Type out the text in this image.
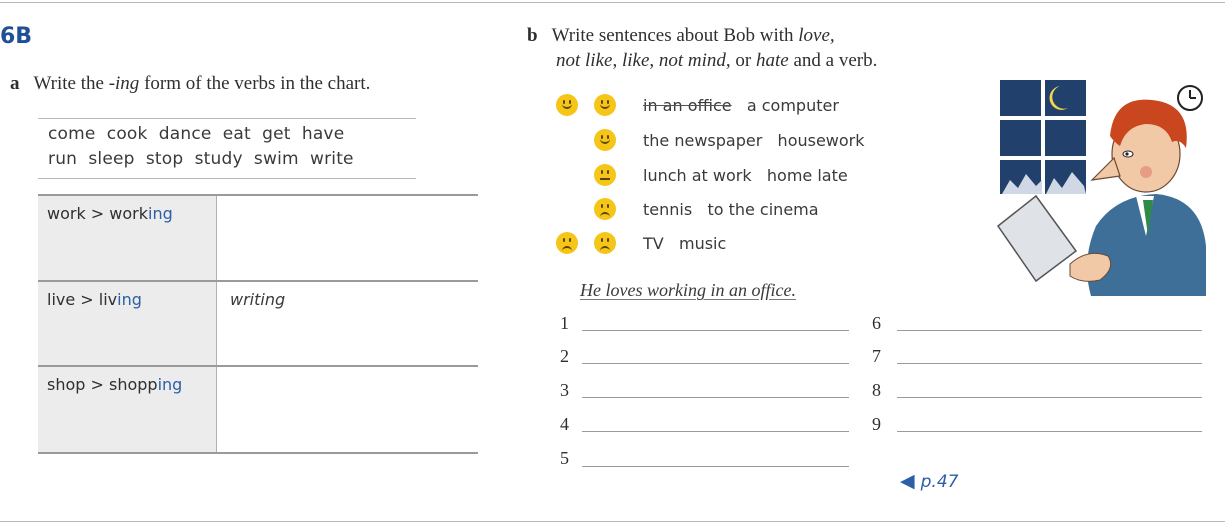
6B
a Write the -ing form of the verbs in the chart.
come  cook  dance  eat  get  have
run  sleep  stop  study  swim  write
work > working
live > living	writing
shop > shopping
b Write sentences about Bob with love,
not like, like, not mind, or hate and a verb.
in an office   a computer
the newspaper   housework
lunch at work   home late
tennis   to the cinema
TV   music
He loves working in an office.
1
2
3
4
5
6
7
8
9
◀ p.47
